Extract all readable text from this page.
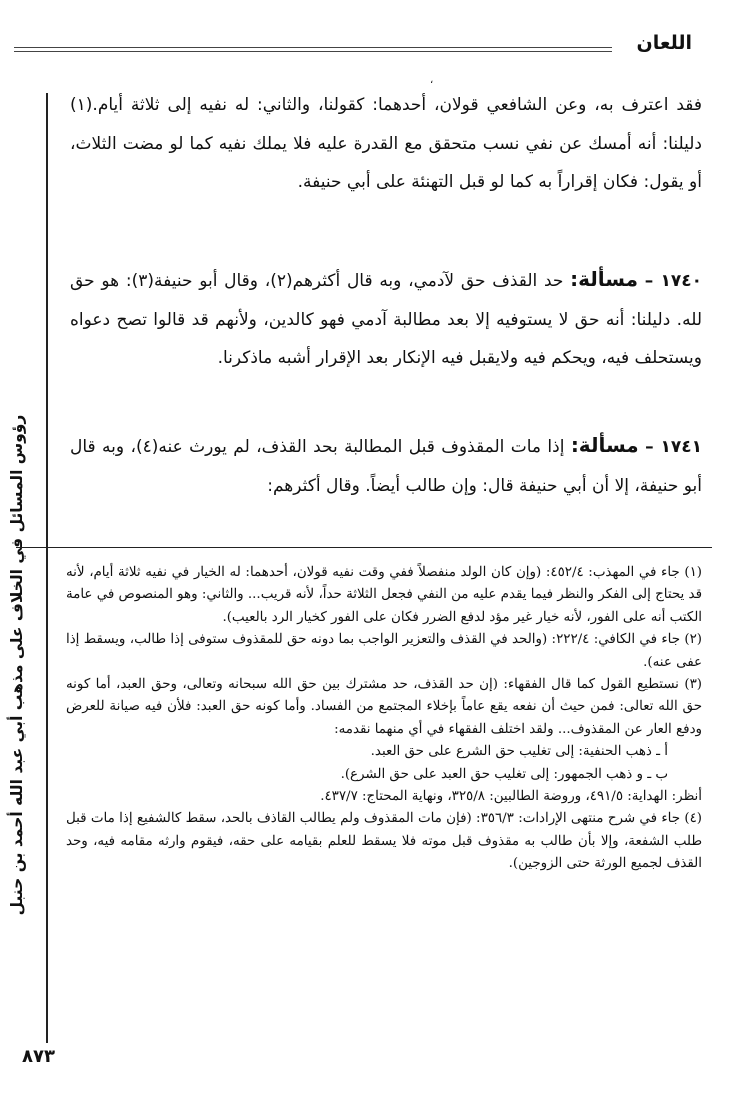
اللعان
،
رؤوس المسائل في الخلاف على مذهب أبي عبد الله أحمد بن حنبل

فقد اعترف به، وعن الشافعي قولان، أحدهما: كقولنا، والثاني: له نفيه إلى ثلاثة أيام.(١) دليلنا: أنه أمسك عن نفي نسب متحقق مع القدرة عليه فلا يملك نفيه كما لو مضت الثلاث، أو يقول: فكان إقراراً به كما لو قبل التهنئة على أبي حنيفة.

١٧٤٠ – مسألة: حد القذف حق لآدمي، وبه قال أكثرهم(٢)، وقال أبو حنيفة(٣): هو حق لله. دليلنا: أنه حق لا يستوفيه إلا بعد مطالبة آدمي فهو كالدين، ولأنهم قد قالوا تصح دعواه ويستحلف فيه، ويحكم فيه ولايقبل فيه الإنكار بعد الإقرار أشبه ماذكرنا.

١٧٤١ – مسألة: إذا مات المقذوف قبل المطالبة بحد القذف، لم يورث عنه(٤)، وبه قال أبو حنيفة، إلا أن أبي حنيفة قال: وإن طالب أيضاً. وقال أكثرهم:

(١) جاء في المهذب: ٤٥٢/٤: (وإن كان الولد منفصلاً ففي وقت نفيه قولان، أحدهما: له الخيار في نفيه ثلاثة أيام، لأنه قد يحتاج إلى الفكر والنظر فيما يقدم عليه من النفي فجعل الثلاثة حداً، لأنه قريب... والثاني: وهو المنصوص في عامة الكتب أنه على الفور، لأنه خيار غير مؤد لدفع الضرر فكان على الفور كخيار الرد بالعيب).

(٢) جاء في الكافي: ٢٢٢/٤: (والحد في القذف والتعزير الواجب بما دونه حق للمقذوف ستوفى إذا طالب، ويسقط إذا عفى عنه).

(٣) نستطيع القول كما قال الفقهاء: (إن حد القذف، حد مشترك بين حق الله سبحانه وتعالى، وحق العبد، أما كونه حق الله تعالى: فمن حيث أن نفعه يقع عاماً بإخلاء المجتمع من الفساد. وأما كونه حق العبد: فلأن فيه صيانة للعرض ودفع العار عن المقذوف... ولقد اختلف الفقهاء في أي منهما نقدمه:

أ ـ ذهب الحنفية: إلى تغليب حق الشرع على حق العبد.

ب ـ و ذهب الجمهور: إلى تغليب حق العبد على حق الشرع).

أنظر: الهداية: ٤٩١/٥، وروضة الطالبين: ٣٢٥/٨، ونهاية المحتاج: ٤٣٧/٧.

(٤) جاء في شرح منتهى الإرادات: ٣٥٦/٣: (فإن مات المقذوف ولم يطالب القاذف بالحد، سقط كالشفيع إذا مات قبل طلب الشفعة، وإلا بأن طالب به مقذوف قبل موته فلا يسقط للعلم بقيامه على حقه، فيقوم وارثه مقامه فيه، وحد القذف لجميع الورثة حتى الزوجين).

٨٧٣
